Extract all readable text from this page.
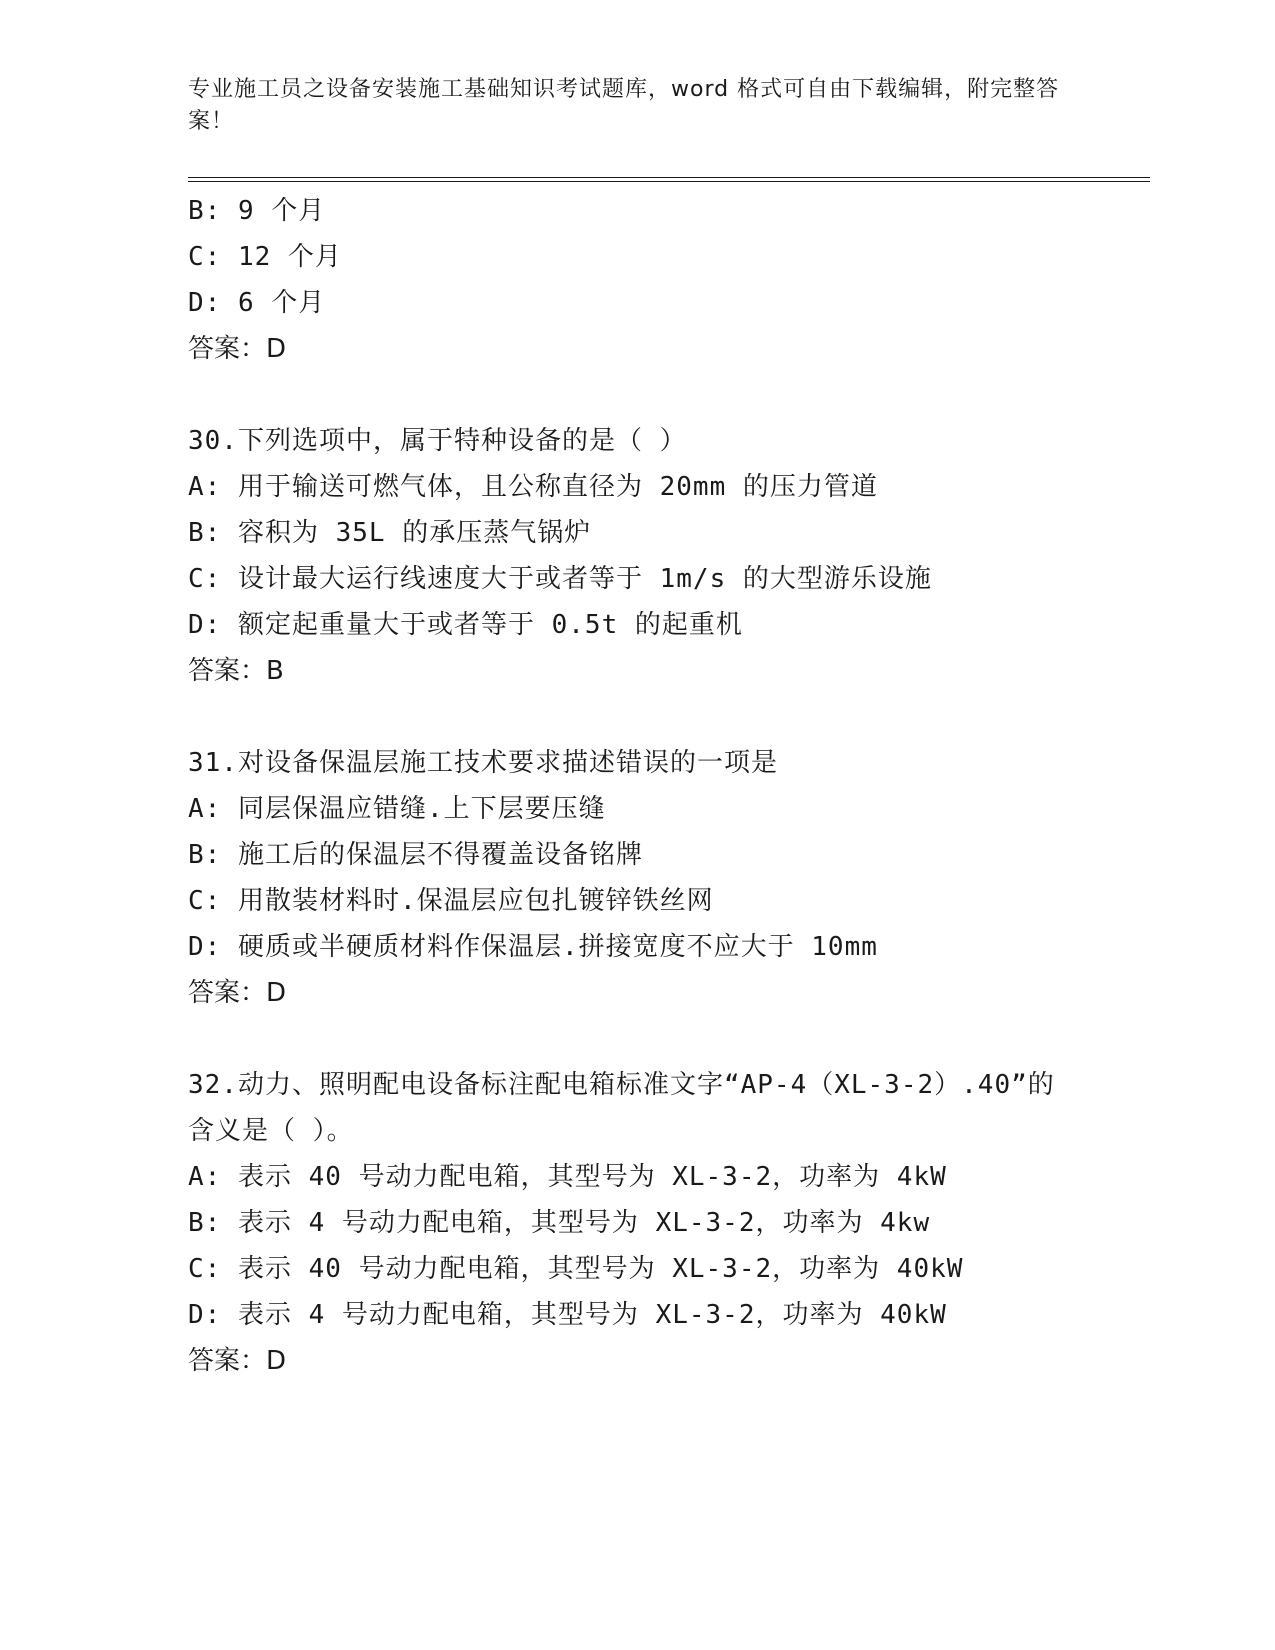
专业施工员之设备安装施工基础知识考试题库，word 格式可自由下载编辑，附完整答案！
B: 9 个月
C: 12 个月
D: 6 个月
答案：D
30.下列选项中，属于特种设备的是（ ）
A: 用于输送可燃气体，且公称直径为 20mm 的压力管道
B: 容积为 35L 的承压蒸气锅炉
C: 设计最大运行线速度大于或者等于 1m/s 的大型游乐设施
D: 额定起重量大于或者等于 0.5t 的起重机
答案：B
31.对设备保温层施工技术要求描述错误的一项是
A: 同层保温应错缝.上下层要压缝
B: 施工后的保温层不得覆盖设备铭牌
C: 用散装材料时.保温层应包扎镀锌铁丝网
D: 硬质或半硬质材料作保温层.拼接宽度不应大于 10mm
答案：D
32.动力、照明配电设备标注配电箱标准文字“AP-4（XL-3-2）.40”的含义是（ ）。
A: 表示 40 号动力配电箱，其型号为 XL-3-2，功率为 4kW
B: 表示 4 号动力配电箱，其型号为 XL-3-2，功率为 4kw
C: 表示 40 号动力配电箱，其型号为 XL-3-2，功率为 40kW
D: 表示 4 号动力配电箱，其型号为 XL-3-2，功率为 40kW
答案：D
